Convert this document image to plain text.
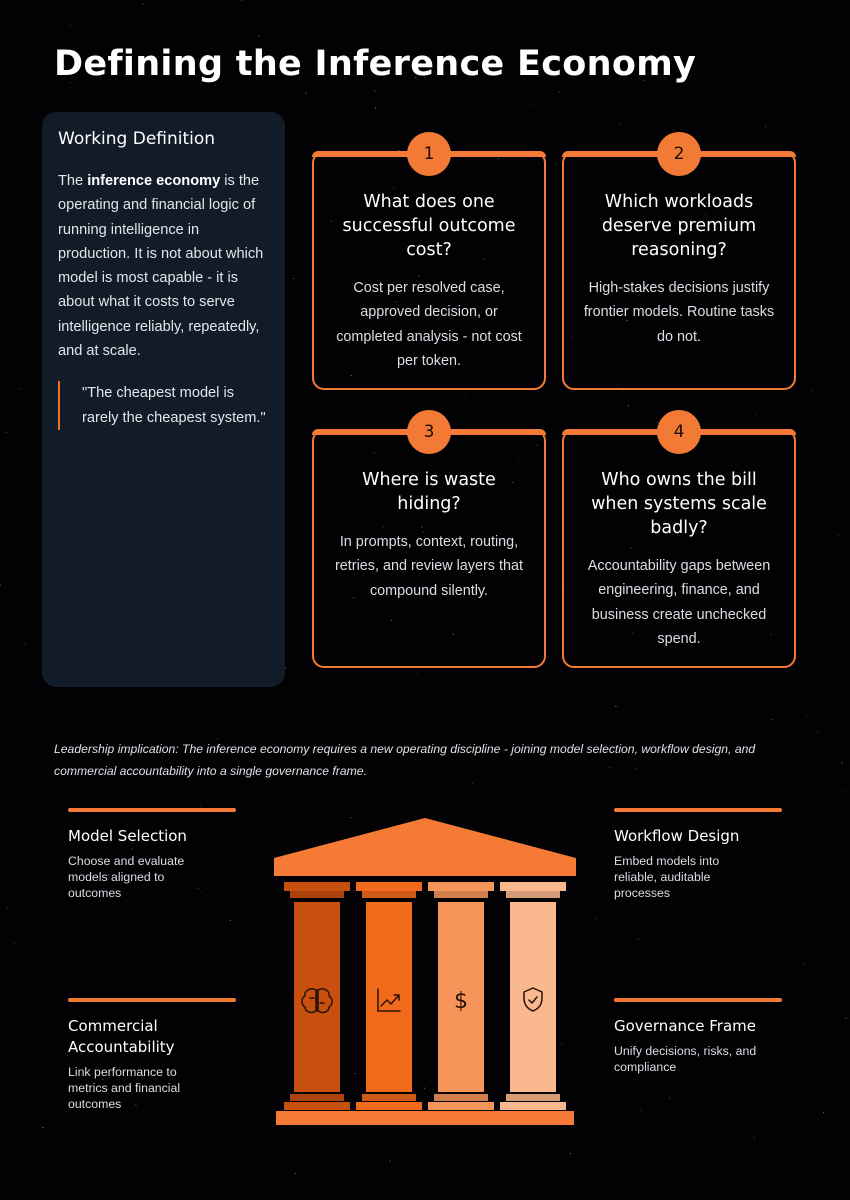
Defining the Inference Economy
Working Definition
The inference economy is the operating and financial logic of running intelligence in production. It is not about which model is most capable - it is about what it costs to serve intelligence reliably, repeatedly, and at scale.
"The cheapest model is rarely the cheapest system."
1
What does one successful outcome cost?
Cost per resolved case, approved decision, or completed analysis - not cost per token.
2
Which workloads deserve premium reasoning?
High-stakes decisions justify frontier models. Routine tasks do not.
3
Where is waste hiding?
In prompts, context, routing, retries, and review layers that compound silently.
4
Who owns the bill when systems scale badly?
Accountability gaps between engineering, finance, and business create unchecked spend.
Leadership implication: The inference economy requires a new operating discipline - joining model selection, workflow design, and commercial accountability into a single governance frame.
Model Selection
Choose and evaluate models aligned to outcomes
Workflow Design
Embed models into reliable, auditable processes
Commercial Accountability
Link performance to metrics and financial outcomes
Governance Frame
Unify decisions, risks, and compliance
$
